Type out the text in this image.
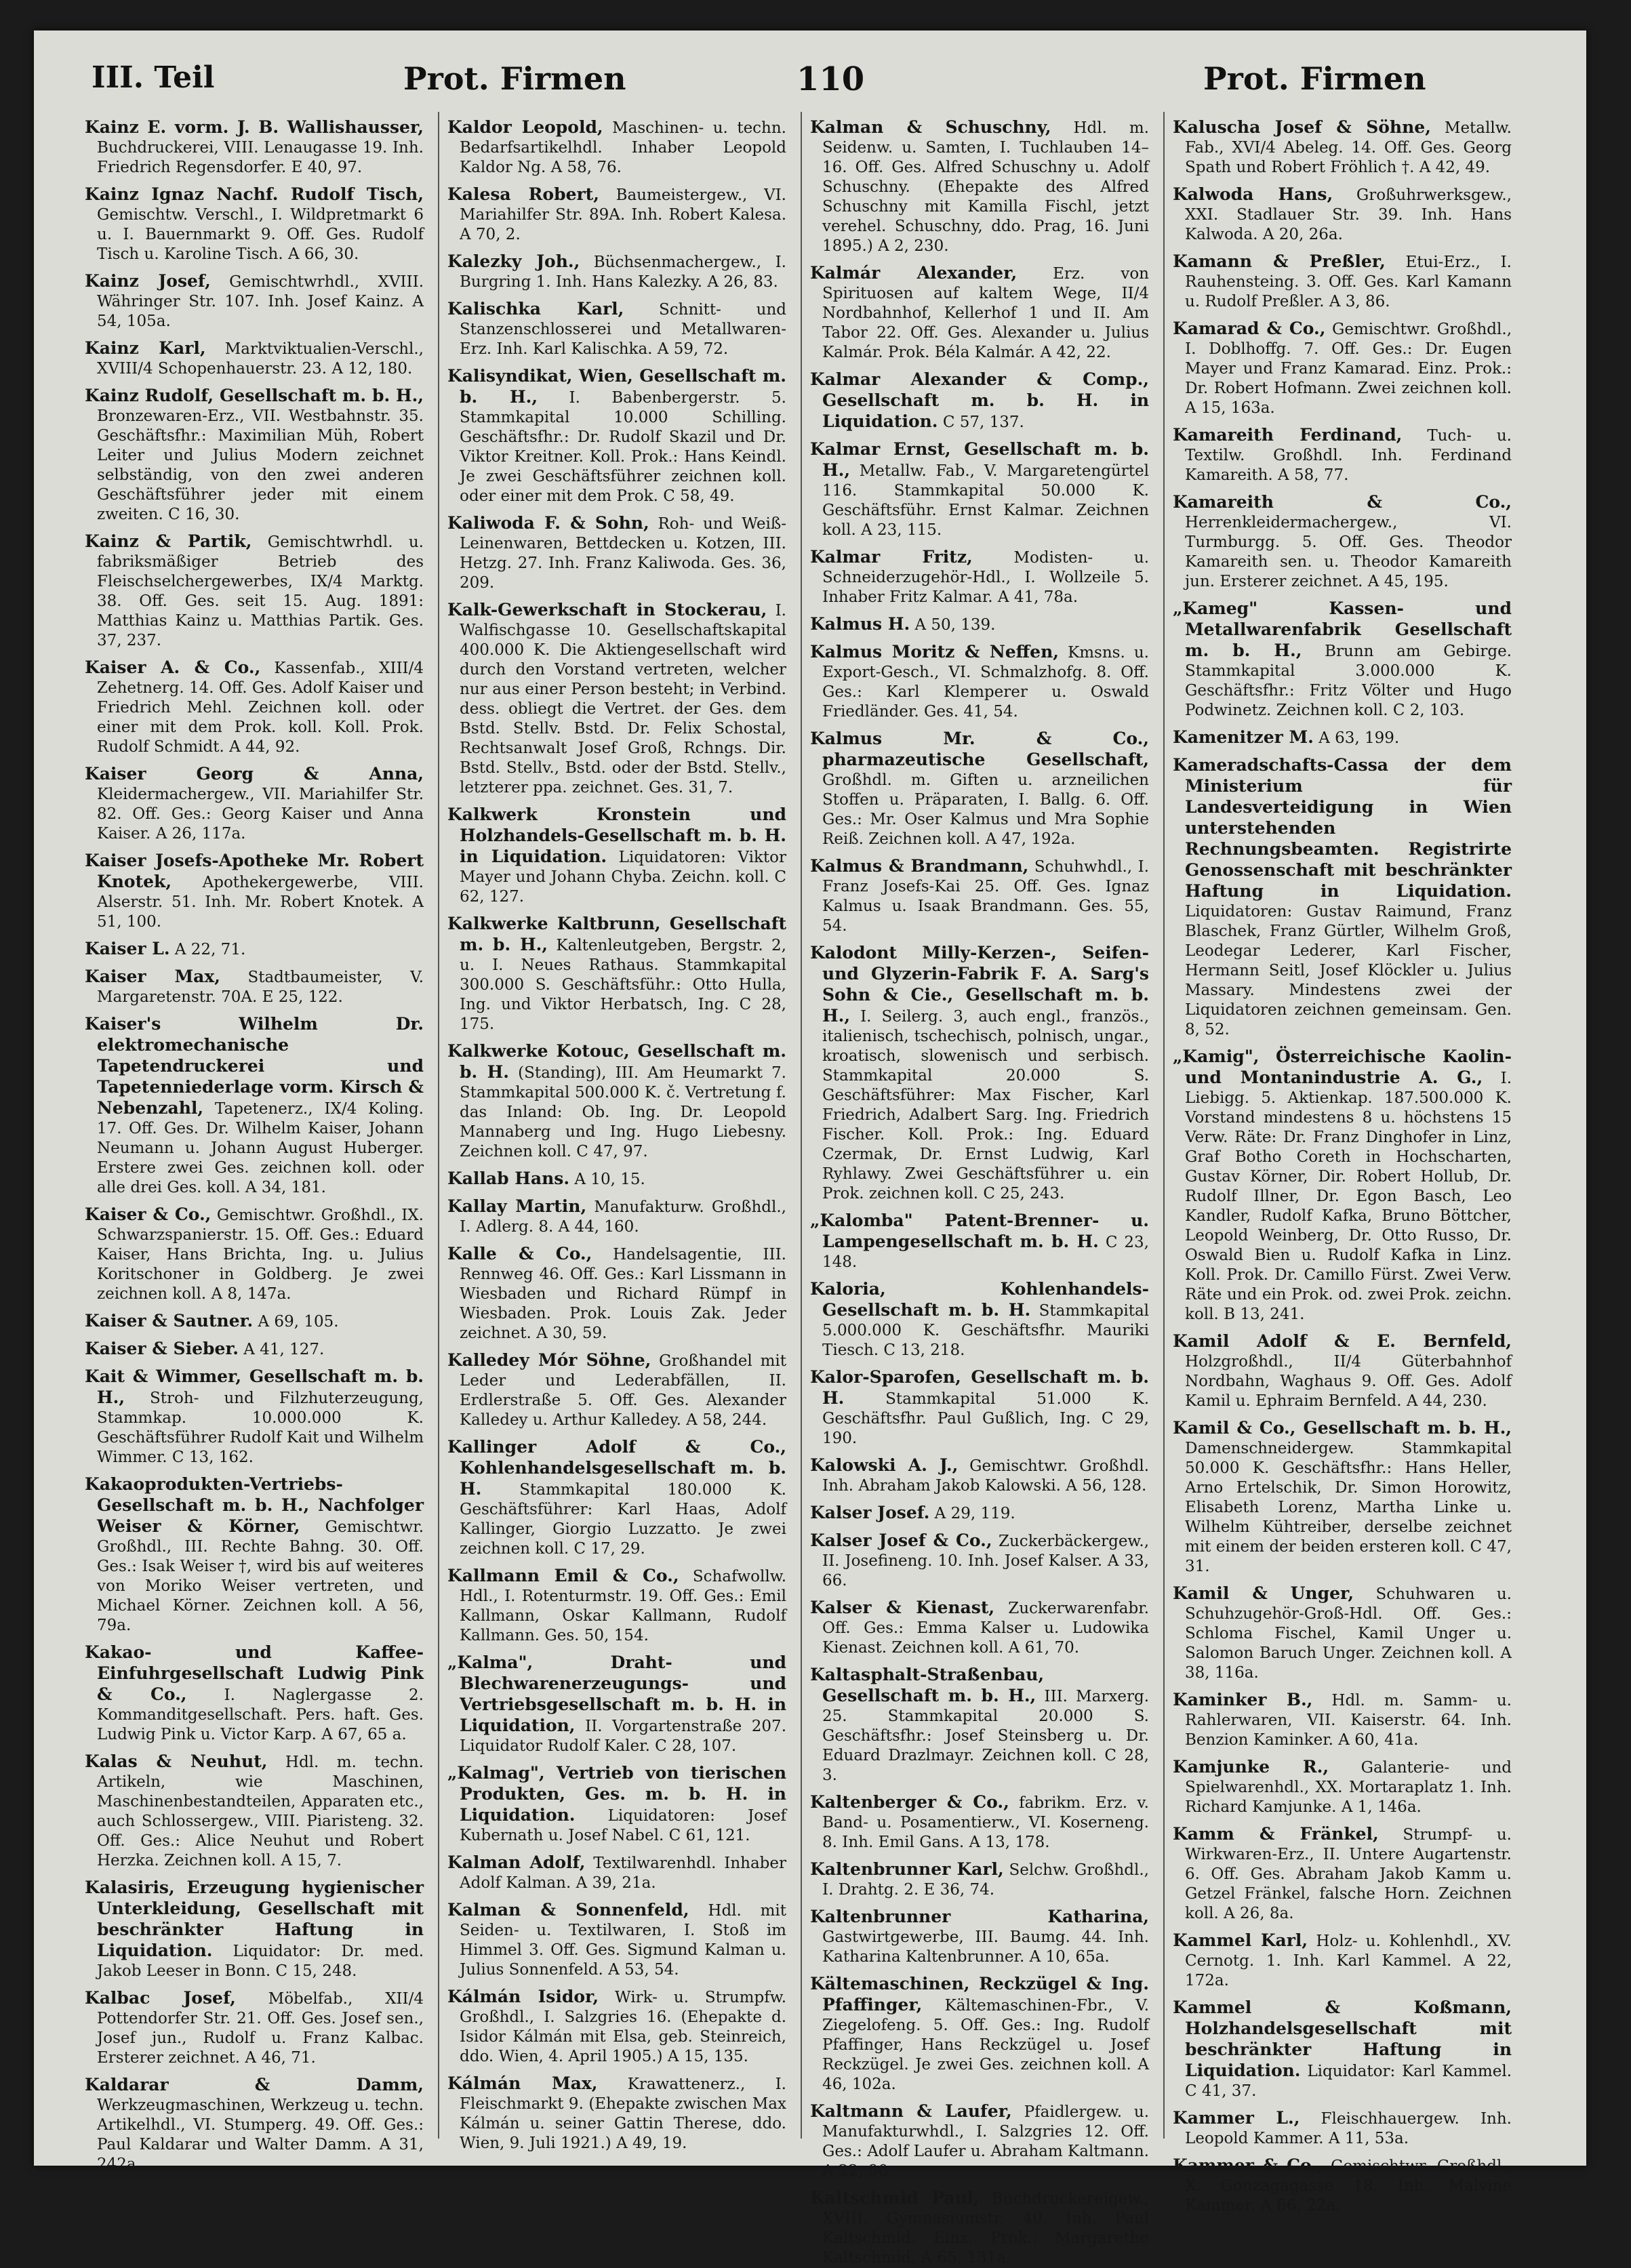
III. Teil	Prot. Firmen	110	Prot. Firmen

Kainz E. vorm. J. B. Wallishausser, Buchdruckerei, VIII. Lenaugasse 19. Inh. Friedrich Regensdorfer. E 40, 97.

Kainz Ignaz Nachf. Rudolf Tisch, Gemischtw. Verschl., I. Wildpretmarkt 6 u. I. Bauernmarkt 9. Off. Ges. Rudolf Tisch u. Karoline Tisch. A 66, 30.

Kainz Josef, Gemischtwrhdl., XVIII. Währinger Str. 107. Inh. Josef Kainz. A 54, 105a.

Kainz Karl, Marktviktualien-Verschl., XVIII/4 Schopenhauerstr. 23. A 12, 180.

Kainz Rudolf, Gesellschaft m. b. H., Bronzewaren-Erz., VII. Westbahnstr. 35. Geschäftsfhr.: Maximilian Müh, Robert Leiter und Julius Modern zeichnet selbständig, von den zwei anderen Geschäftsführer jeder mit einem zweiten. C 16, 30.

Kainz & Partik, Gemischtwrhdl. u. fabriksmäßiger Betrieb des Fleischselchergewerbes, IX/4 Marktg. 38. Off. Ges. seit 15. Aug. 1891: Matthias Kainz u. Matthias Partik. Ges. 37, 237.

Kaiser A. & Co., Kassenfab., XIII/4 Zehetnerg. 14. Off. Ges. Adolf Kaiser und Friedrich Mehl. Zeichnen koll. oder einer mit dem Prok. koll. Koll. Prok. Rudolf Schmidt. A 44, 92.

Kaiser Georg & Anna, Kleidermachergew., VII. Mariahilfer Str. 82. Off. Ges.: Georg Kaiser und Anna Kaiser. A 26, 117a.

Kaiser Josefs-Apotheke Mr. Robert Knotek, Apothekergewerbe, VIII. Alserstr. 51. Inh. Mr. Robert Knotek. A 51, 100.

Kaiser L. A 22, 71.

Kaiser Max, Stadtbaumeister, V. Margaretenstr. 70A. E 25, 122.

Kaiser's Wilhelm Dr. elektromechanische Tapetendruckerei und Tapetenniederlage vorm. Kirsch & Nebenzahl, Tapetenerz., IX/4 Koling. 17. Off. Ges. Dr. Wilhelm Kaiser, Johann Neumann u. Johann August Huberger. Erstere zwei Ges. zeichnen koll. oder alle drei Ges. koll. A 34, 181.

Kaiser & Co., Gemischtwr. Großhdl., IX. Schwarzspanierstr. 15. Off. Ges.: Eduard Kaiser, Hans Brichta, Ing. u. Julius Koritschoner in Goldberg. Je zwei zeichnen koll. A 8, 147a.

Kaiser & Sautner. A 69, 105.

Kaiser & Sieber. A 41, 127.

Kait & Wimmer, Gesellschaft m. b. H., Stroh- und Filzhuterzeugung, Stammkap. 10.000.000 K. Geschäftsführer Rudolf Kait und Wilhelm Wimmer. C 13, 162.

Kakaoprodukten-Vertriebs-Gesellschaft m. b. H., Nachfolger Weiser & Körner, Gemischtwr. Großhdl., III. Rechte Bahng. 30. Off. Ges.: Isak Weiser †, wird bis auf weiteres von Moriko Weiser vertreten, und Michael Körner. Zeichnen koll. A 56, 79a.

Kakao- und Kaffee-Einfuhrgesellschaft Ludwig Pink & Co., I. Naglergasse 2. Kommanditgesellschaft. Pers. haft. Ges. Ludwig Pink u. Victor Karp. A 67, 65 a.

Kalas & Neuhut, Hdl. m. techn. Artikeln, wie Maschinen, Maschinenbestandteilen, Apparaten etc., auch Schlossergew., VIII. Piaristeng. 32. Off. Ges.: Alice Neuhut und Robert Herzka. Zeichnen koll. A 15, 7.

Kalasiris, Erzeugung hygienischer Unterkleidung, Gesellschaft mit beschränkter Haftung in Liquidation. Liquidator: Dr. med. Jakob Leeser in Bonn. C 15, 248.

Kalbac Josef, Möbelfab., XII/4 Pottendorfer Str. 21. Off. Ges. Josef sen., Josef jun., Rudolf u. Franz Kalbac. Ersterer zeichnet. A 46, 71.

Kaldarar & Damm, Werkzeugmaschinen, Werkzeug u. techn. Artikelhdl., VI. Stumperg. 49. Off. Ges.: Paul Kaldarar und Walter Damm. A 31, 242a.

Kaldor Leopold, Maschinen- u. techn. Bedarfsartikelhdl. Inhaber Leopold Kaldor Ng. A 58, 76.

Kalesa Robert, Baumeistergew., VI. Mariahilfer Str. 89A. Inh. Robert Kalesa. A 70, 2.

Kalezky Joh., Büchsenmachergew., I. Burgring 1. Inh. Hans Kalezky. A 26, 83.

Kalischka Karl, Schnitt- und Stanzenschlosserei und Metallwaren-Erz. Inh. Karl Kalischka. A 59, 72.

Kalisyndikat, Wien, Gesellschaft m. b. H., I. Babenbergerstr. 5. Stammkapital 10.000 Schilling. Geschäftsfhr.: Dr. Rudolf Skazil und Dr. Viktor Kreitner. Koll. Prok.: Hans Keindl. Je zwei Geschäftsführer zeichnen koll. oder einer mit dem Prok. C 58, 49.

Kaliwoda F. & Sohn, Roh- und Weiß-Leinenwaren, Bettdecken u. Kotzen, III. Hetzg. 27. Inh. Franz Kaliwoda. Ges. 36, 209.

Kalk-Gewerkschaft in Stockerau, I. Walfischgasse 10. Gesellschaftskapital 400.000 K. Die Aktiengesellschaft wird durch den Vorstand vertreten, welcher nur aus einer Person besteht; in Verbind. dess. obliegt die Vertret. der Ges. dem Bstd. Stellv. Bstd. Dr. Felix Schostal, Rechtsanwalt Josef Groß, Rchngs. Dir. Bstd. Stellv., Bstd. oder der Bstd. Stellv., letzterer ppa. zeichnet. Ges. 31, 7.

Kalkwerk Kronstein und Holzhandels-Gesellschaft m. b. H. in Liquidation. Liquidatoren: Viktor Mayer und Johann Chyba. Zeichn. koll. C 62, 127.

Kalkwerke Kaltbrunn, Gesellschaft m. b. H., Kaltenleutgeben, Bergstr. 2, u. I. Neues Rathaus. Stammkapital 300.000 S. Geschäftsführ.: Otto Hulla, Ing. und Viktor Herbatsch, Ing. C 28, 175.

Kalkwerke Kotouc, Gesellschaft m. b. H. (Standing), III. Am Heumarkt 7. Stammkapital 500.000 K. č. Vertretung f. das Inland: Ob. Ing. Dr. Leopold Mannaberg und Ing. Hugo Liebesny. Zeichnen koll. C 47, 97.

Kallab Hans. A 10, 15.

Kallay Martin, Manufakturw. Großhdl., I. Adlerg. 8. A 44, 160.

Kalle & Co., Handelsagentie, III. Rennweg 46. Off. Ges.: Karl Lissmann in Wiesbaden und Richard Rümpf in Wiesbaden. Prok. Louis Zak. Jeder zeichnet. A 30, 59.

Kalledey Mór Söhne, Großhandel mit Leder und Lederabfällen, II. Erdlerstraße 5. Off. Ges. Alexander Kalledey u. Arthur Kalledey. A 58, 244.

Kallinger Adolf & Co., Kohlenhandelsgesellschaft m. b. H. Stammkapital 180.000 K. Geschäftsführer: Karl Haas, Adolf Kallinger, Giorgio Luzzatto. Je zwei zeichnen koll. C 17, 29.

Kallmann Emil & Co., Schafwollw. Hdl., I. Rotenturmstr. 19. Off. Ges.: Emil Kallmann, Oskar Kallmann, Rudolf Kallmann. Ges. 50, 154.

„Kalma", Draht- und Blechwarenerzeugungs- und Vertriebsgesellschaft m. b. H. in Liquidation, II. Vorgartenstraße 207. Liquidator Rudolf Kaler. C 28, 107.

„Kalmag", Vertrieb von tierischen Produkten, Ges. m. b. H. in Liquidation. Liquidatoren: Josef Kubernath u. Josef Nabel. C 61, 121.

Kalman Adolf, Textilwarenhdl. Inhaber Adolf Kalman. A 39, 21a.

Kalman & Sonnenfeld, Hdl. mit Seiden- u. Textilwaren, I. Stoß im Himmel 3. Off. Ges. Sigmund Kalman u. Julius Sonnenfeld. A 53, 54.

Kálmán Isidor, Wirk- u. Strumpfw. Großhdl., I. Salzgries 16. (Ehepakte d. Isidor Kálmán mit Elsa, geb. Steinreich, ddo. Wien, 4. April 1905.) A 15, 135.

Kálmán Max, Krawattenerz., I. Fleischmarkt 9. (Ehepakte zwischen Max Kálmán u. seiner Gattin Therese, ddo. Wien, 9. Juli 1921.) A 49, 19.

Kalman & Schuschny, Hdl. m. Seidenw. u. Samten, I. Tuchlauben 14–16. Off. Ges. Alfred Schuschny u. Adolf Schuschny. (Ehepakte des Alfred Schuschny mit Kamilla Fischl, jetzt verehel. Schuschny, ddo. Prag, 16. Juni 1895.) A 2, 230.

Kalmár Alexander, Erz. von Spirituosen auf kaltem Wege, II/4 Nordbahnhof, Kellerhof 1 und II. Am Tabor 22. Off. Ges. Alexander u. Julius Kalmár. Prok. Béla Kalmár. A 42, 22.

Kalmar Alexander & Comp., Gesellschaft m. b. H. in Liquidation. C 57, 137.

Kalmar Ernst, Gesellschaft m. b. H., Metallw. Fab., V. Margaretengürtel 116. Stammkapital 50.000 K. Geschäftsführ. Ernst Kalmar. Zeichnen koll. A 23, 115.

Kalmar Fritz,	Modisten- u. Schneiderzugehör-Hdl., I. Wollzeile 5. Inhaber Fritz Kalmar. A 41, 78a.

Kalmus H. A 50, 139.

Kalmus Moritz & Neffen, Kmsns. u. Export-Gesch., VI. Schmalzhofg. 8. Off. Ges.: Karl Klemperer u. Oswald Friedländer. Ges. 41, 54.

Kalmus Mr. & Co., pharmazeutische Gesellschaft, Großhdl. m. Giften u. arzneilichen Stoffen u. Präparaten, I. Ballg. 6. Off. Ges.: Mr. Oser Kalmus und Mra Sophie Reiß. Zeichnen koll. A 47, 192a.

Kalmus & Brandmann, Schuhwhdl., I. Franz Josefs-Kai 25. Off. Ges. Ignaz Kalmus u. Isaak Brandmann. Ges. 55, 54.

Kalodont Milly-Kerzen-, Seifen- und Glyzerin-Fabrik F. A. Sarg's Sohn & Cie., Gesellschaft m. b. H., I. Seilerg. 3, auch engl., französ., italienisch, tschechisch, polnisch, ungar., kroatisch, slowenisch und serbisch. Stammkapital 20.000 S. Geschäftsführer: Max Fischer, Karl Friedrich, Adalbert Sarg. Ing. Friedrich Fischer. Koll. Prok.: Ing. Eduard Czermak, Dr. Ernst Ludwig, Karl Ryhlawy. Zwei Geschäftsführer u. ein Prok. zeichnen koll. C 25, 243.

„Kalomba" Patent-Brenner- u. Lampengesellschaft m. b. H. C 23, 148.

Kaloria, Kohlenhandels-Gesellschaft m. b. H. Stammkapital 5.000.000 K. Geschäftsfhr. Mauriki Tiesch. C 13, 218.

Kalor-Sparofen, Gesellschaft m. b. H.	Stammkapital 51.000 K. Geschäftsfhr. Paul Gußlich, Ing. C 29, 190.

Kalowski A. J., Gemischtwr. Großhdl. Inh. Abraham Jakob Kalowski. A 56, 128.

Kalser Josef. A 29, 119.

Kalser Josef & Co., Zuckerbäckergew., II. Josefineng. 10. Inh. Josef Kalser. A 33, 66.

Kalser & Kienast, Zuckerwarenfabr. Off. Ges.: Emma Kalser u. Ludowika Kienast. Zeichnen koll. A 61, 70.

Kaltasphalt-Straßenbau, Gesellschaft m. b. H., III. Marxerg. 25. Stammkapital 20.000 S. Geschäftsfhr.: Josef Steinsberg u. Dr. Eduard Drazlmayr. Zeichnen koll. C 28, 3.

Kaltenberger & Co., fabrikm. Erz. v. Band- u. Posamentierw., VI. Koserneng. 8. Inh. Emil Gans. A 13, 178.

Kaltenbrunner Karl, Selchw. Großhdl., I. Drahtg. 2. E 36, 74.

Kaltenbrunner Katharina, Gastwirtgewerbe, III. Baumg. 44. Inh. Katharina Kaltenbrunner. A 10, 65a.

Kältemaschinen, Reckzügel & Ing. Pfaffinger, Kältemaschinen-Fbr., V. Ziegelofeng. 5. Off. Ges.: Ing. Rudolf Pfaffinger, Hans Reckzügel u. Josef Reckzügel. Je zwei Ges. zeichnen koll. A 46, 102a.

Kaltmann & Laufer, Pfaidlergew. u. Manufakturwhdl., I. Salzgries 12. Off. Ges.: Adolf Laufer u. Abraham Kaltmann. A 22, 90.

Kaltschmid Paul, Buchdruckereigew., XVIII. Gymnasiumstr. 40. Inh. Paul Kaltschmid. Einz. Prok.: Margarethe Kaltschmid. A 65, 131a.

Kaluscha Josef & Söhne, Metallw. Fab., XVI/4 Abeleg. 14. Off. Ges. Georg Spath und Robert Fröhlich †. A 42, 49.

Kalwoda Hans, Großuhrwerksgew., XXI. Stadlauer Str. 39. Inh. Hans Kalwoda. A 20, 26a.

Kamann & Preßler, Etui-Erz., I. Rauhensteing. 3. Off. Ges. Karl Kamann u. Rudolf Preßler. A 3, 86.

Kamarad & Co., Gemischtwr. Großhdl., I. Doblhoffg. 7. Off. Ges.: Dr. Eugen Mayer und Franz Kamarad. Einz. Prok.: Dr. Robert Hofmann. Zwei zeichnen koll. A 15, 163a.

Kamareith Ferdinand, Tuch- u. Textilw. Großhdl. Inh. Ferdinand Kamareith. A 58, 77.

Kamareith & Co., Herrenkleidermachergew., VI. Turmburgg. 5. Off. Ges. Theodor Kamareith sen. u. Theodor Kamareith jun. Ersterer zeichnet. A 45, 195.

„Kameg" Kassen- und Metallwarenfabrik Gesellschaft m. b. H., Brunn am Gebirge. Stammkapital 3.000.000 K. Geschäftsfhr.: Fritz Völter und Hugo Podwinetz. Zeichnen koll. C 2, 103.

Kamenitzer M. A 63, 199.

Kameradschafts-Cassa der dem Ministerium für Landesverteidigung in Wien unterstehenden Rechnungsbeamten. Registrirte Genossenschaft mit beschränkter Haftung in Liquidation. Liquidatoren: Gustav Raimund, Franz Blaschek, Franz Gürtler, Wilhelm Groß, Leodegar Lederer, Karl Fischer, Hermann Seitl, Josef Klöckler u. Julius Massary. Mindestens zwei der Liquidatoren zeichnen gemeinsam. Gen. 8, 52.

„Kamig", Österreichische Kaolin- und Montanindustrie A. G., I. Liebigg. 5. Aktienkap. 187.500.000 K. Vorstand mindestens 8 u. höchstens 15 Verw. Räte: Dr. Franz Dinghofer in Linz, Graf Botho Coreth in Hochscharten, Gustav Körner, Dir. Robert Hollub, Dr. Rudolf Illner, Dr. Egon Basch, Leo Kandler, Rudolf Kafka, Bruno Böttcher, Leopold Weinberg, Dr. Otto Russo, Dr. Oswald Bien u. Rudolf Kafka in Linz. Koll. Prok. Dr. Camillo Fürst. Zwei Verw. Räte und ein Prok. od. zwei Prok. zeichn. koll. B 13, 241.

Kamil Adolf & E. Bernfeld, Holzgroßhdl., II/4 Güterbahnhof Nordbahn, Waghaus 9. Off. Ges. Adolf Kamil u. Ephraim Bernfeld. A 44, 230.

Kamil & Co., Gesellschaft m. b. H., Damenschneidergew. Stammkapital 50.000 K. Geschäftsfhr.: Hans Heller, Arno Ertelschik, Dr. Simon Horowitz, Elisabeth Lorenz, Martha Linke u. Wilhelm Kühtreiber, derselbe zeichnet mit einem der beiden ersteren koll. C 47, 31.

Kamil & Unger, Schuhwaren u. Schuhzugehör-Groß-Hdl. Off. Ges.: Schloma Fischel, Kamil Unger u. Salomon Baruch Unger. Zeichnen koll. A 38, 116a.

Kaminker B., Hdl. m. Samm- u. Rahlerwaren, VII. Kaiserstr. 64. Inh. Benzion Kaminker. A 60, 41a.

Kamjunke R., Galanterie- und Spielwarenhdl., XX. Mortaraplatz 1. Inh. Richard Kamjunke. A 1, 146a.

Kamm & Fränkel, Strumpf- u. Wirkwaren-Erz., II. Untere Augartenstr. 6. Off. Ges. Abraham Jakob Kamm u. Getzel Fränkel, falsche Horn. Zeichnen koll. A 26, 8a.

Kammel Karl, Holz- u. Kohlenhdl., XV. Cernotg. 1. Inh. Karl Kammel. A 22, 172a.

Kammel & Koßmann, Holzhandelsgesellschaft mit beschränkter Haftung in Liquidation. Liquidator: Karl Kammel. C 41, 37.

Kammer L., Fleischhauergew. Inh. Leopold Kammer. A 11, 53a.

Kammer & Co., Gemischtwr. Großhdl., X. Gonzagagasse 18. Inh. Malvine Kammer. A 66, 22a.
